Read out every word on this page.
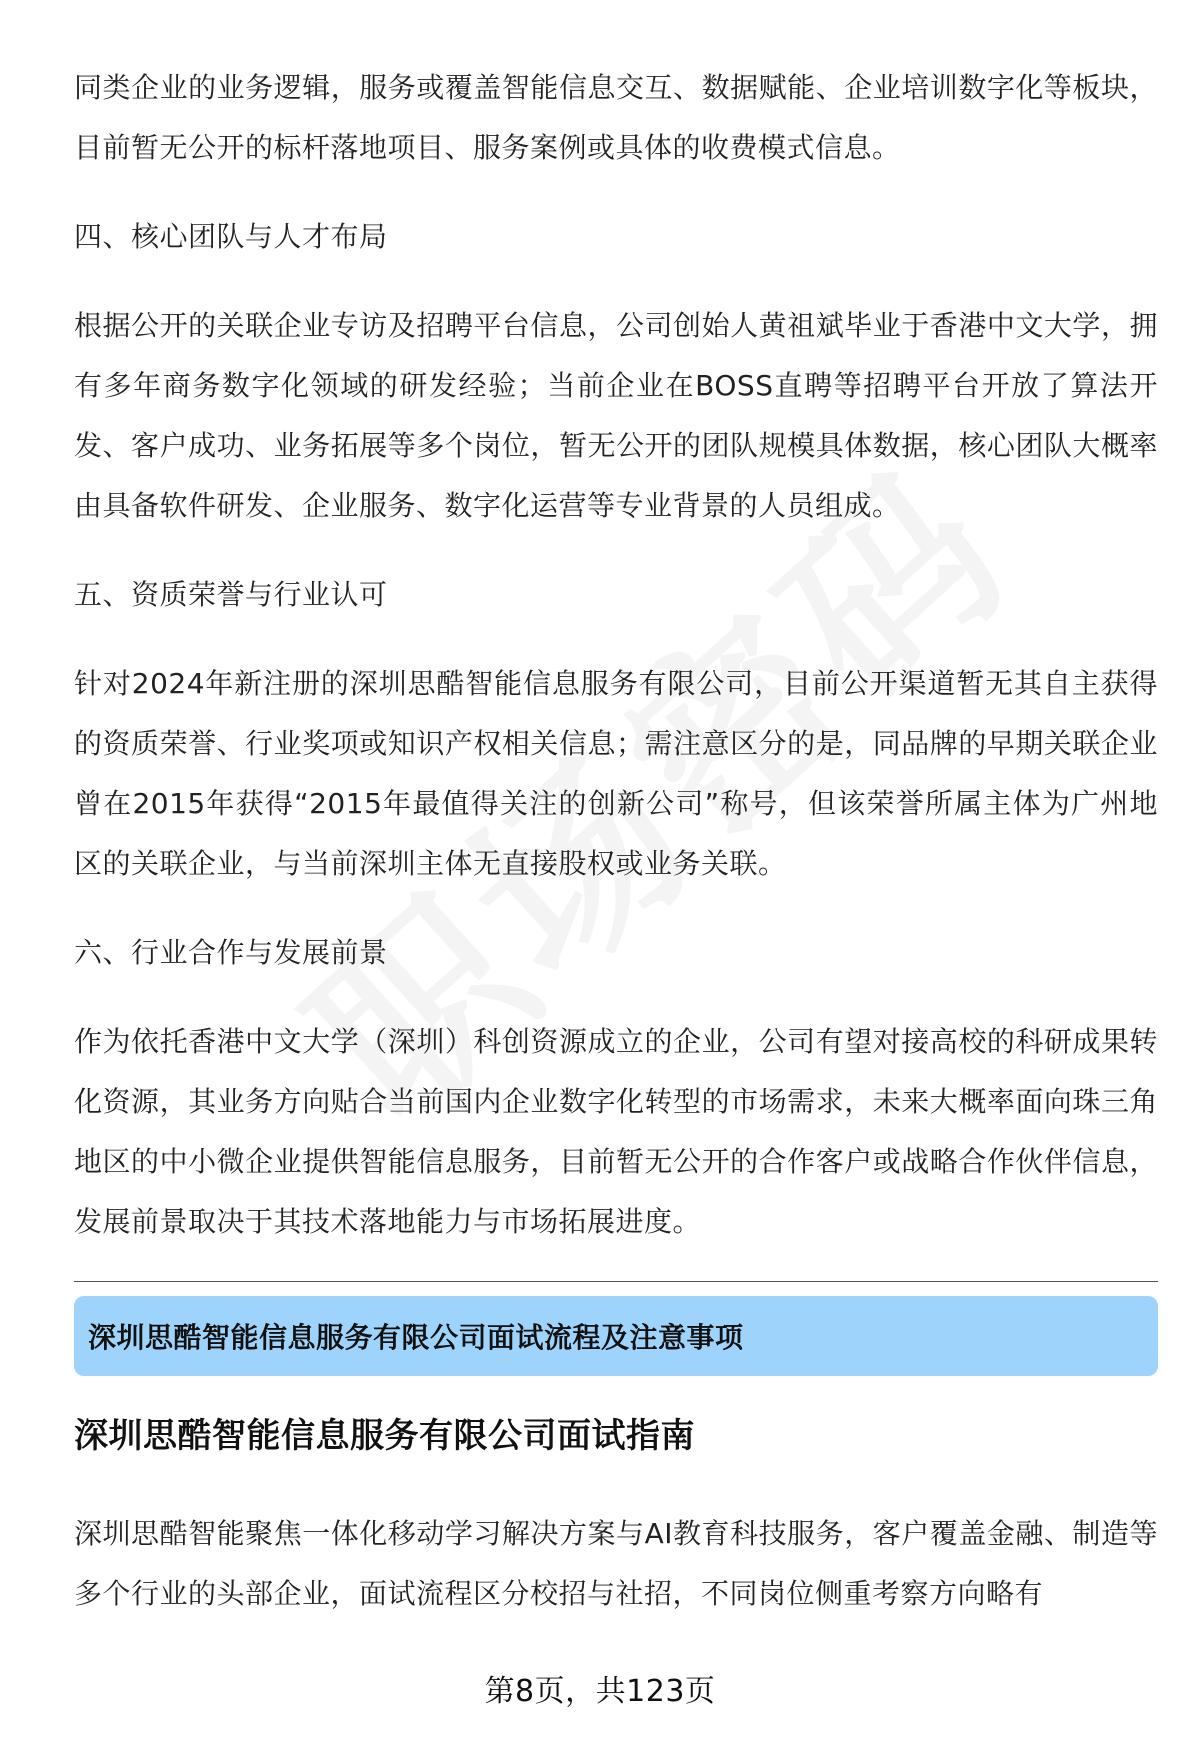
同类企业的业务逻辑，服务或覆盖智能信息交互、数据赋能、企业培训数字化等板块，目前暂无公开的标杆落地项目、服务案例或具体的收费模式信息。

四、核心团队与人才布局

根据公开的关联企业专访及招聘平台信息，公司创始人黄祖斌毕业于香港中文大学，拥有多年商务数字化领域的研发经验；当前企业在BOSS直聘等招聘平台开放了算法开发、客户成功、业务拓展等多个岗位，暂无公开的团队规模具体数据，核心团队大概率由具备软件研发、企业服务、数字化运营等专业背景的人员组成。

五、资质荣誉与行业认可

针对2024年新注册的深圳思酷智能信息服务有限公司，目前公开渠道暂无其自主获得的资质荣誉、行业奖项或知识产权相关信息；需注意区分的是，同品牌的早期关联企业曾在2015年获得“2015年最值得关注的创新公司”称号，但该荣誉所属主体为广州地区的关联企业，与当前深圳主体无直接股权或业务关联。

六、行业合作与发展前景

作为依托香港中文大学（深圳）科创资源成立的企业，公司有望对接高校的科研成果转化资源，其业务方向贴合当前国内企业数字化转型的市场需求，未来大概率面向珠三角地区的中小微企业提供智能信息服务，目前暂无公开的合作客户或战略合作伙伴信息，发展前景取决于其技术落地能力与市场拓展进度。

深圳思酷智能信息服务有限公司面试流程及注意事项
深圳思酷智能信息服务有限公司面试指南

深圳思酷智能聚焦一体化移动学习解决方案与AI教育科技服务，客户覆盖金融、制造等多个行业的头部企业，面试流程区分校招与社招，不同岗位侧重考察方向略有

第8页，共123页
